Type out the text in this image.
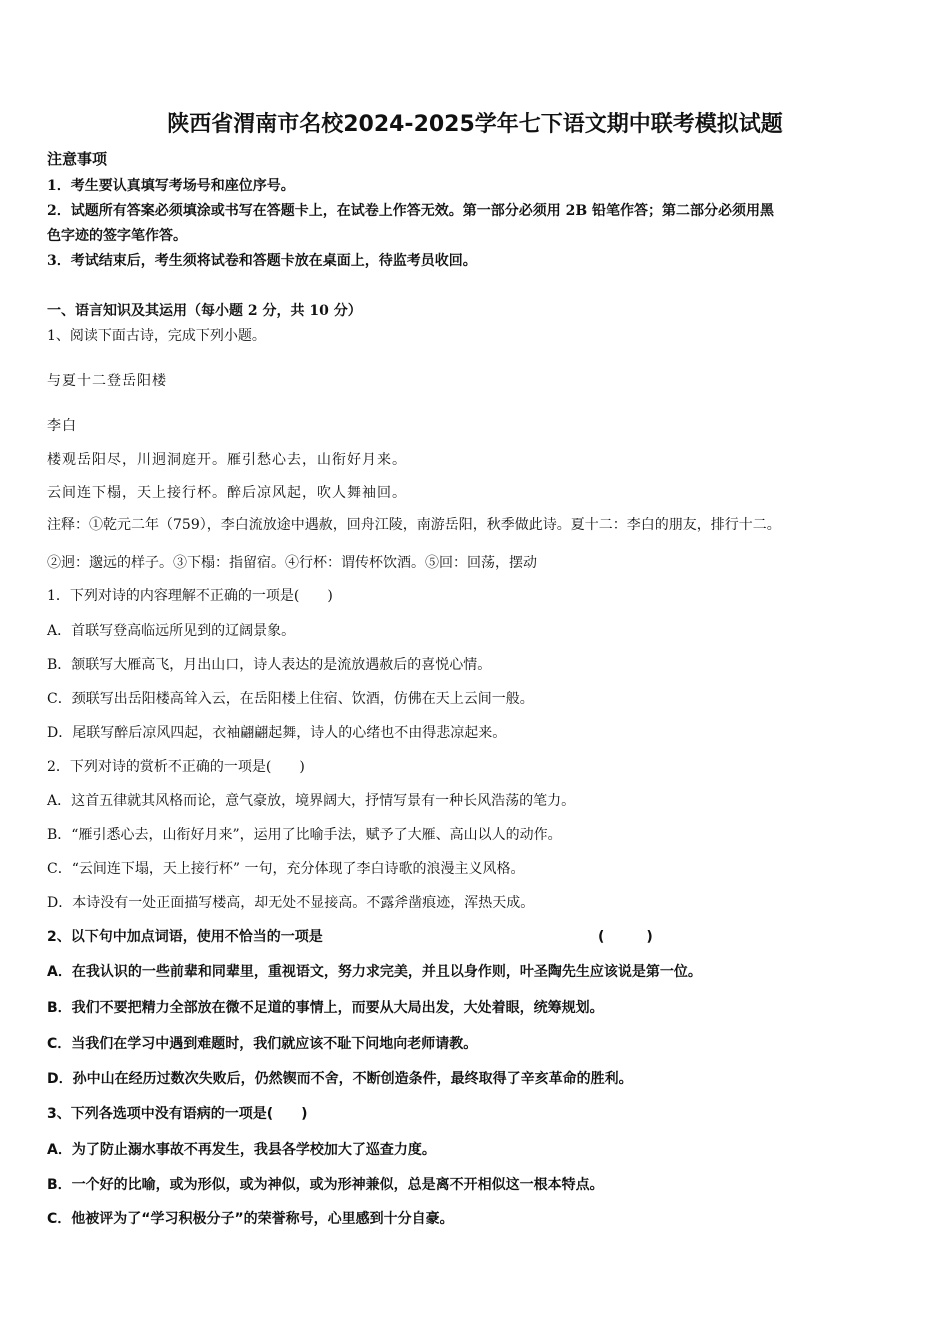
陕西省渭南市名校2024-2025学年七下语文期中联考模拟试题
注意事项
1．考生要认真填写考场号和座位序号。
2．试题所有答案必须填涂或书写在答题卡上，在试卷上作答无效。第一部分必须用 2B 铅笔作答；第二部分必须用黑
色字迹的签字笔作答。
3．考试结束后，考生须将试卷和答题卡放在桌面上，待监考员收回。
一、语言知识及其运用（每小题 2 分，共 10 分）
1、阅读下面古诗，完成下列小题。
与夏十二登岳阳楼
李白
楼观岳阳尽，川迥洞庭开。雁引愁心去，山衔好月来。
云间连下榻，天上接行杯。醉后凉风起，吹人舞袖回。
注释：①乾元二年（759），李白流放途中遇赦，回舟江陵，南游岳阳，秋季做此诗。夏十二：李白的朋友，排行十二。
②迥：邈远的样子。③下榻：指留宿。④行杯：谓传杯饮酒。⑤回：回荡，摆动
1．下列对诗的内容理解不正确的一项是(　　)
A．首联写登高临远所见到的辽阔景象。
B．颔联写大雁高飞，月出山口，诗人表达的是流放遇赦后的喜悦心情。
C．颈联写出岳阳楼高耸入云，在岳阳楼上住宿、饮酒，仿佛在天上云间一般。
D．尾联写醉后凉风四起，衣袖翩翩起舞，诗人的心绪也不由得悲凉起来。
2．下列对诗的赏析不正确的一项是(　　)
A．这首五律就其风格而论，意气豪放，境界阔大，抒情写景有一种长风浩荡的笔力。
B．“雁引悉心去，山衔好月来”，运用了比喻手法，赋予了大雁、高山以人的动作。
C．“云间连下塌，天上接行杯” 一句，充分体现了李白诗歌的浪漫主义风格。
D．本诗没有一处正面描写楼高，却无处不显接高。不露斧凿痕迹，浑热天成。
2、以下句中加点词语，使用不恰当的一项是	(　　　)
A．在我认识的一些前辈和同辈里，重视语文，努力求完美，并且以身作则，叶圣陶先生应该说是第一位。
B．我们不要把精力全部放在微不足道的事情上，而要从大局出发，大处着眼，统筹规划。
C．当我们在学习中遇到难题时，我们就应该不耻下问地向老师请教。
D．孙中山在经历过数次失败后，仍然锲而不舍，不断创造条件，最终取得了辛亥革命的胜利。
3、下列各选项中没有语病的一项是(　　)
A．为了防止溺水事故不再发生，我县各学校加大了巡查力度。
B．一个好的比喻，或为形似，或为神似，或为形神兼似，总是离不开相似这一根本特点。
C．他被评为了“学习积极分子”的荣誉称号，心里感到十分自豪。
